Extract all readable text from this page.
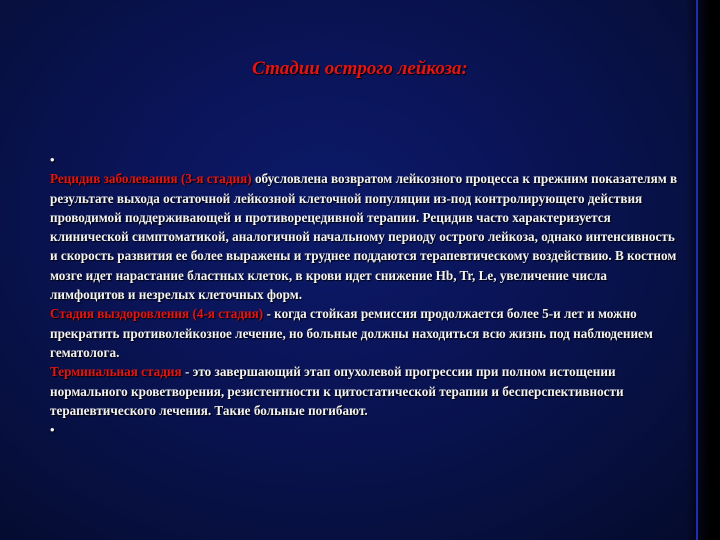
Стадии острого лейкоза:

•

Рецидив заболевания (3-я стадия) обусловлена возвратом лейкозного процесса к прежним показателям в результате выхода остаточной лейкозной клеточной популяции из-под контролирующего действия проводимой поддерживающей и противорецедивной терапии. Рецидив часто характеризуется клинической симптоматикой, аналогичной начальному периоду острого лейкоза, однако интенсивность и скорость развития ее более выражены и труднее поддаются терапевтическому воздействию. В костном мозге идет нарастание бластных клеток, в крови идет снижение Hb, Tr, Le, увеличение числа лимфоцитов и незрелых клеточных форм.

Стадия выздоровления (4-я стадия) - когда стойкая ремиссия продолжается более 5-и лет и можно прекратить противолейкозное лечение, но больные должны находиться всю жизнь под наблюдением гематолога.

Терминальная стадия - это завершающий этап опухолевой прогрессии при полном истощении нормального кроветворения, резистентности к цитостатической терапии и бесперспективности терапевтического лечения. Такие больные погибают.

•
